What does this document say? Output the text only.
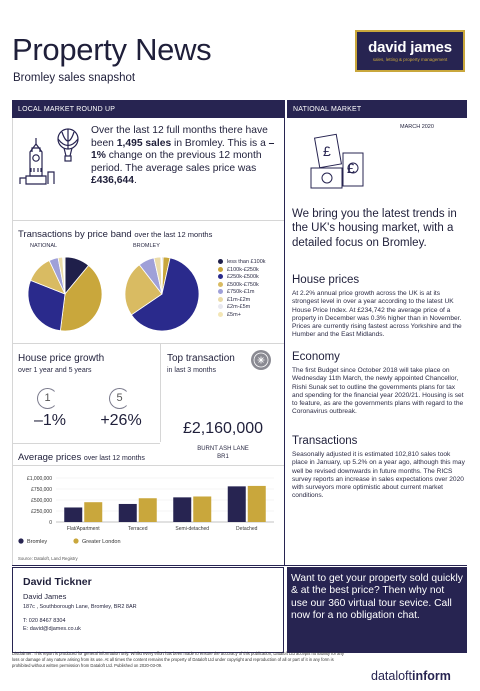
Property News
Bromley sales snapshot
david james
sales, letting & property management
LOCAL MARKET ROUND UP	NATIONAL MARKET
Over the last 12 full months there have been 1,495 sales in Bromley. This is a –1% change on the previous 12 month period. The average sales price was £436,644.
Transactions by price band over the last 12 months
NATIONAL	BROMLEY
less than £100k
£100k-£250k
£250k-£500k
£500k-£750k
£750k-£1m
£1m-£2m
£2m-£5m
£5m+
House price growth
over 1 year and 5 years
1	5
–1%	+26%
Top transaction
in last 3 months
£2,160,000
BURNT ASH LANE
BR1
Average prices over last 12 months
0
£250,000
£500,000
£750,000
£1,000,000
Flat/Apartment	Terraced	Semi-detached	Detached
Bromley	Greater London
Source: Dataloft, Land Registry
£
£
MARCH 2020
We bring you the latest trends in the UK's housing market, with a detailed focus on Bromley.
House prices
At 2.2% annual price growth across the UK is at its strongest level in over a year according to the latest UK House Price Index. At £234,742 the average price of a property in December was 0.3% higher than in November. Prices are currently rising fastest across Yorkshire and the Humber and the East Midlands.
Economy
The first Budget since October 2018 will take place on Wednesday 11th March, the newly appointed Chancellor, Rishi Sunak set to outline the governments plans for tax and spending for the financial year 2020/21. Housing is set to feature, as are the governments plans with regard to the Coronavirus outbreak.
Transactions
Seasonally adjusted it is estimated 102,810 sales took place in January, up 5.2% on a year ago, although this may well be revised downwards in future months. The RICS survey reports an increase in sales expectations over 2020 with surveyors more optimistic about current market conditions.
David Tickner
David James
187c , Southborough Lane, Bromley, BR2 8AR
T: 020 8467 8304
E: david@djames.co.uk
Want to get your property sold quickly & at the best price? Then why not use our 360 virtual tour sevice. Call now for a no obligation chat.
Disclaimer: This report is produced for general information only. Whilst every effort has been made to ensure the accuracy of this publication, Dataloft Ltd accepts no liability for any loss or damage of any nature arising from its use. At all times the content remains the property of Dataloft Ltd under copyright and reproduction of all or part of it in any form is prohibited without written permission from Dataloft Ltd. Published on 2020-03-09.
dataloftinform
